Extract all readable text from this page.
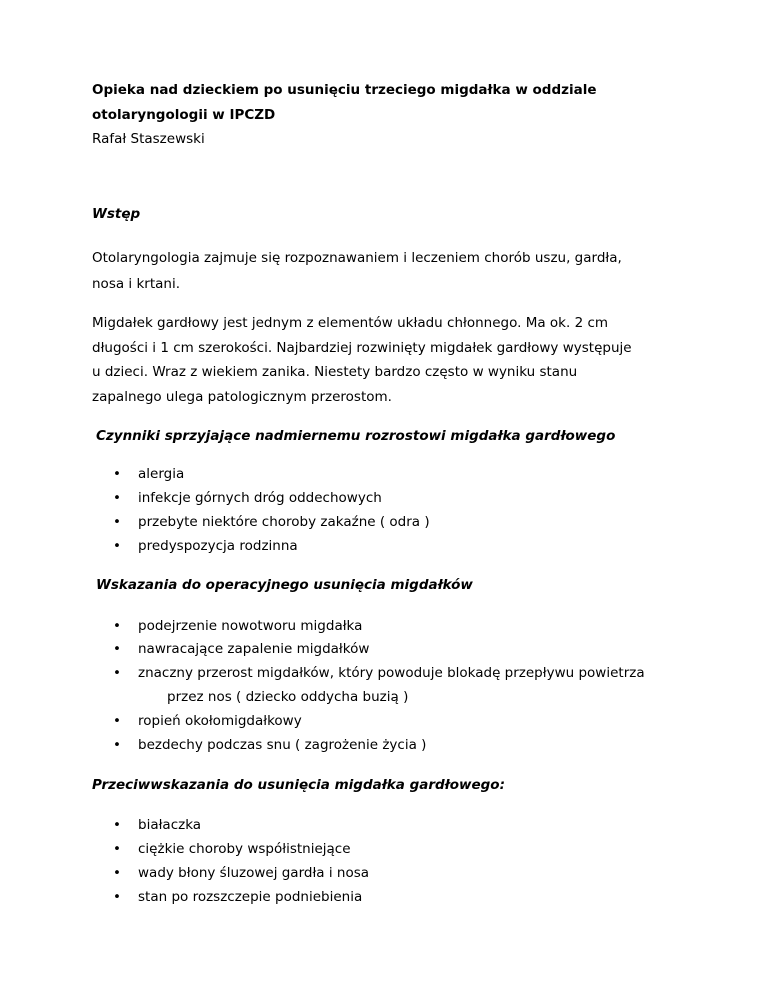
Opieka nad dzieckiem po usunięciu trzeciego migdałka w oddziale
otolaryngologii w IPCZD
Rafał Staszewski
Wstęp
Otolaryngologia zajmuje się rozpoznawaniem i leczeniem chorób uszu, gardła,
nosa i krtani.
Migdałek gardłowy jest jednym z elementów układu chłonnego. Ma ok. 2 cm
długości i 1 cm szerokości. Najbardziej rozwinięty migdałek gardłowy występuje
u dzieci. Wraz z wiekiem zanika. Niestety bardzo często w wyniku stanu
zapalnego ulega patologicznym przerostom.
Czynniki sprzyjające nadmiernemu rozrostowi migdałka gardłowego
• alergia
• infekcje górnych dróg oddechowych
• przebyte niektóre choroby zakaźne ( odra )
• predyspozycja rodzinna
Wskazania do operacyjnego usunięcia migdałków
• podejrzenie nowotworu migdałka
• nawracające zapalenie migdałków
• znaczny przerost migdałków, który powoduje blokadę przepływu powietrza
przez nos ( dziecko oddycha buzią )
• ropień okołomigdałkowy
• bezdechy podczas snu ( zagrożenie życia )
Przeciwwskazania do usunięcia migdałka gardłowego:
• białaczka
• ciężkie choroby współistniejące
• wady błony śluzowej gardła i nosa
• stan po rozszczepie podniebienia
